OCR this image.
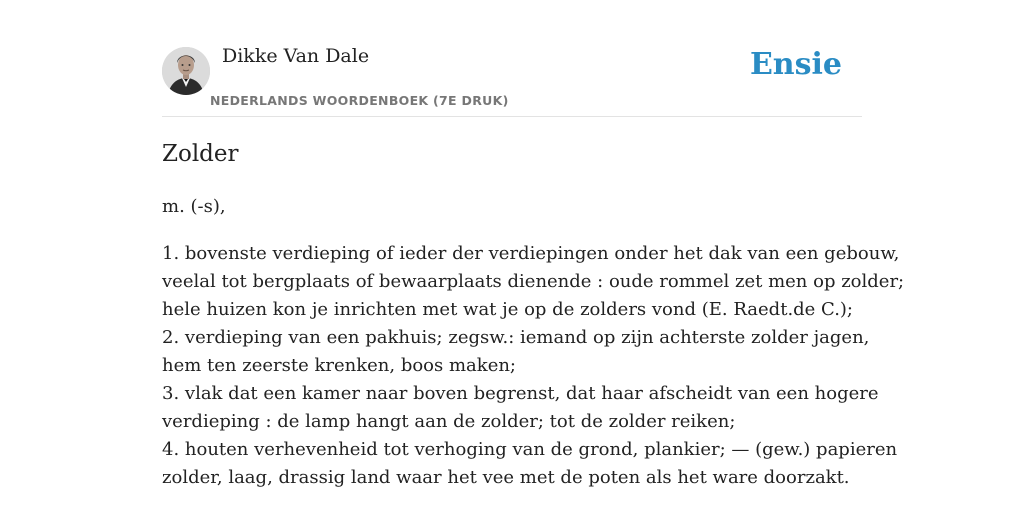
Dikke Van Dale
NEDERLANDS WOORDENBOEK (7E DRUK)
Ensie
Zolder
m. (-s),
1. bovenste verdieping of ieder der verdiepingen onder het dak van een gebouw,
veelal tot bergplaats of bewaarplaats dienende : oude rommel zet men op zolder;
hele huizen kon je inrichten met wat je op de zolders vond (E. Raedt.de C.);
2. verdieping van een pakhuis; zegsw.: iemand op zijn achterste zolder jagen,
hem ten zeerste krenken, boos maken;
3. vlak dat een kamer naar boven begrenst, dat haar afscheidt van een hogere
verdieping : de lamp hangt aan de zolder; tot de zolder reiken;
4. houten verhevenheid tot verhoging van de grond, plankier; — (gew.) papieren
zolder, laag, drassig land waar het vee met de poten als het ware doorzakt.
